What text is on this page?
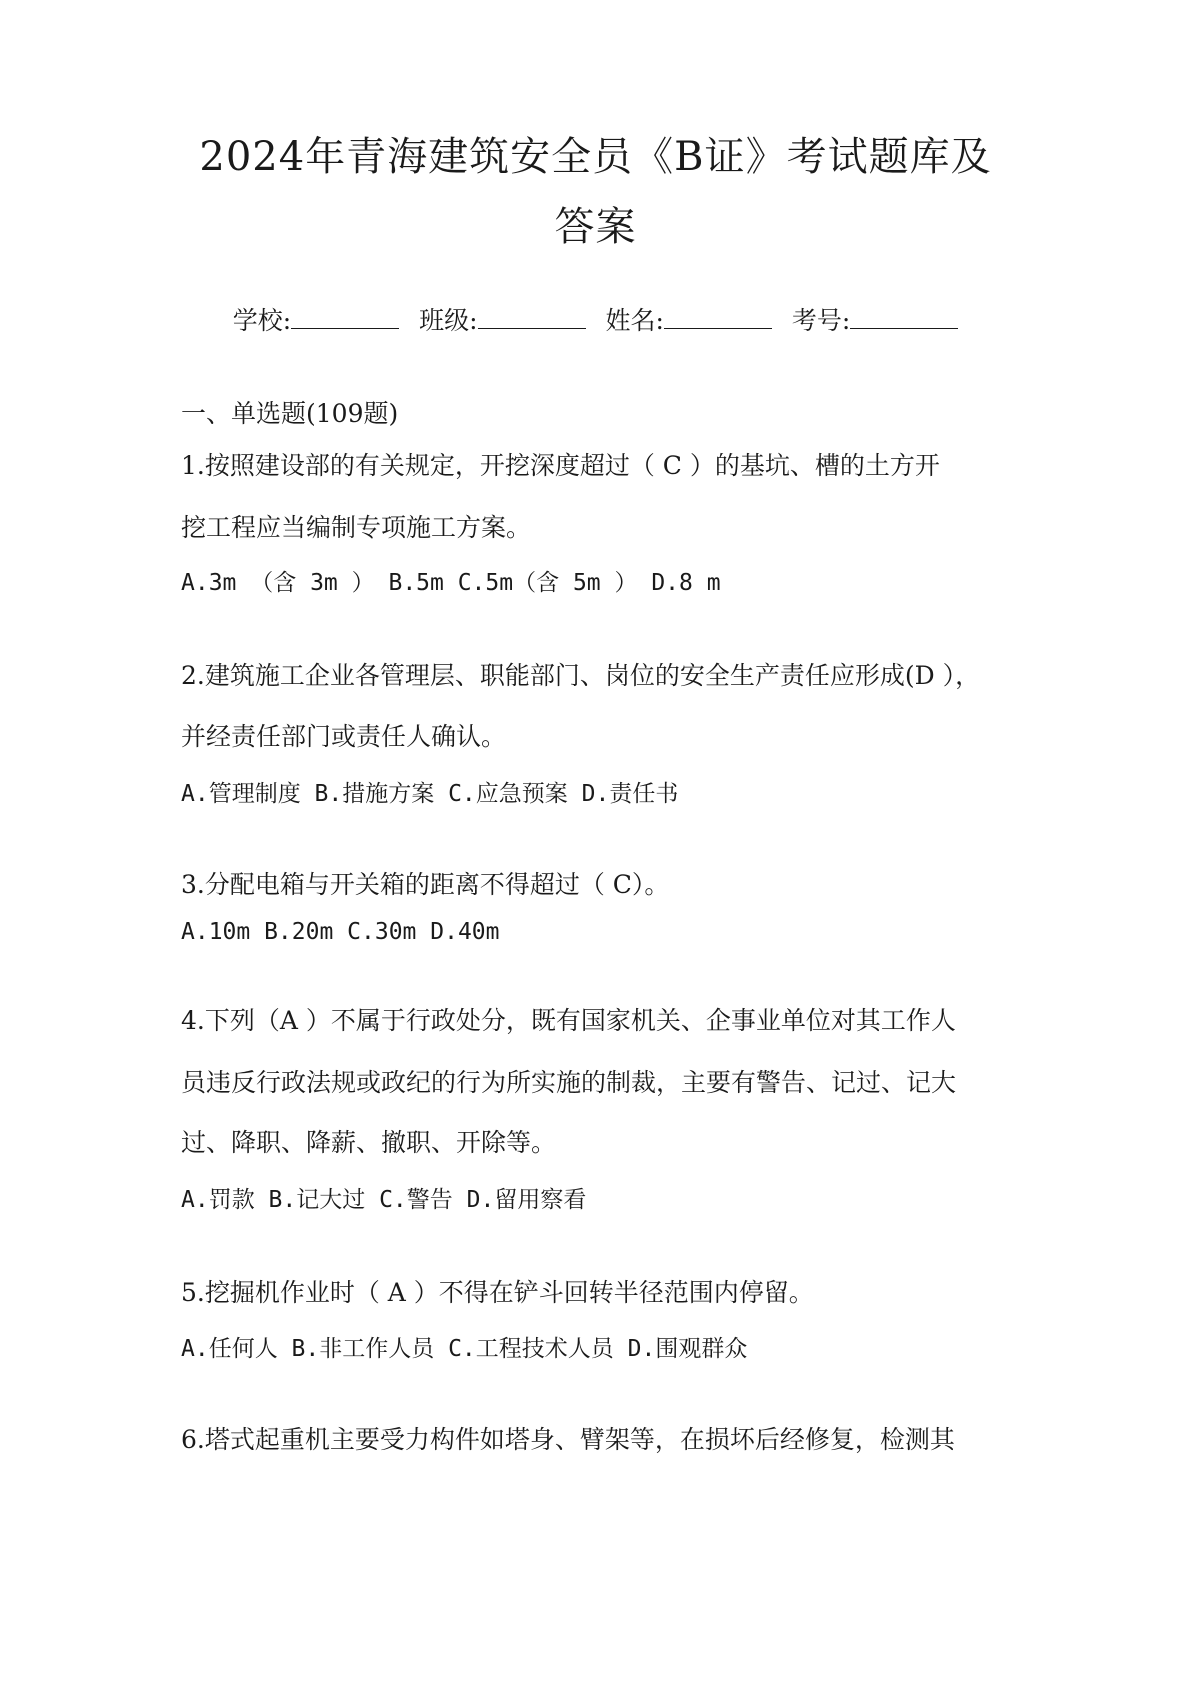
2024年青海建筑安全员《B证》考试题库及
答案
学校:	班级:	姓名:	考号:
一、单选题(109题)
1.按照建设部的有关规定，开挖深度超过（ C ）的基坑、槽的土方开
挖工程应当编制专项施工方案。
A.3m （含 3m ） B.5m C.5m（含 5m ） D.8 m
2.建筑施工企业各管理层、职能部门、岗位的安全生产责任应形成(D ），
并经责任部门或责任人确认。
A.管理制度 B.措施方案 C.应急预案 D.责任书
3.分配电箱与开关箱的距离不得超过（ C）。
A.10m B.20m C.30m D.40m
4.下列（A ）不属于行政处分，既有国家机关、企事业单位对其工作人
员违反行政法规或政纪的行为所实施的制裁，主要有警告、记过、记大
过、降职、降薪、撤职、开除等。
A.罚款 B.记大过 C.警告 D.留用察看
5.挖掘机作业时（ A ）不得在铲斗回转半径范围内停留。
A.任何人 B.非工作人员 C.工程技术人员 D.围观群众
6.塔式起重机主要受力构件如塔身、臂架等，在损坏后经修复，检测其
